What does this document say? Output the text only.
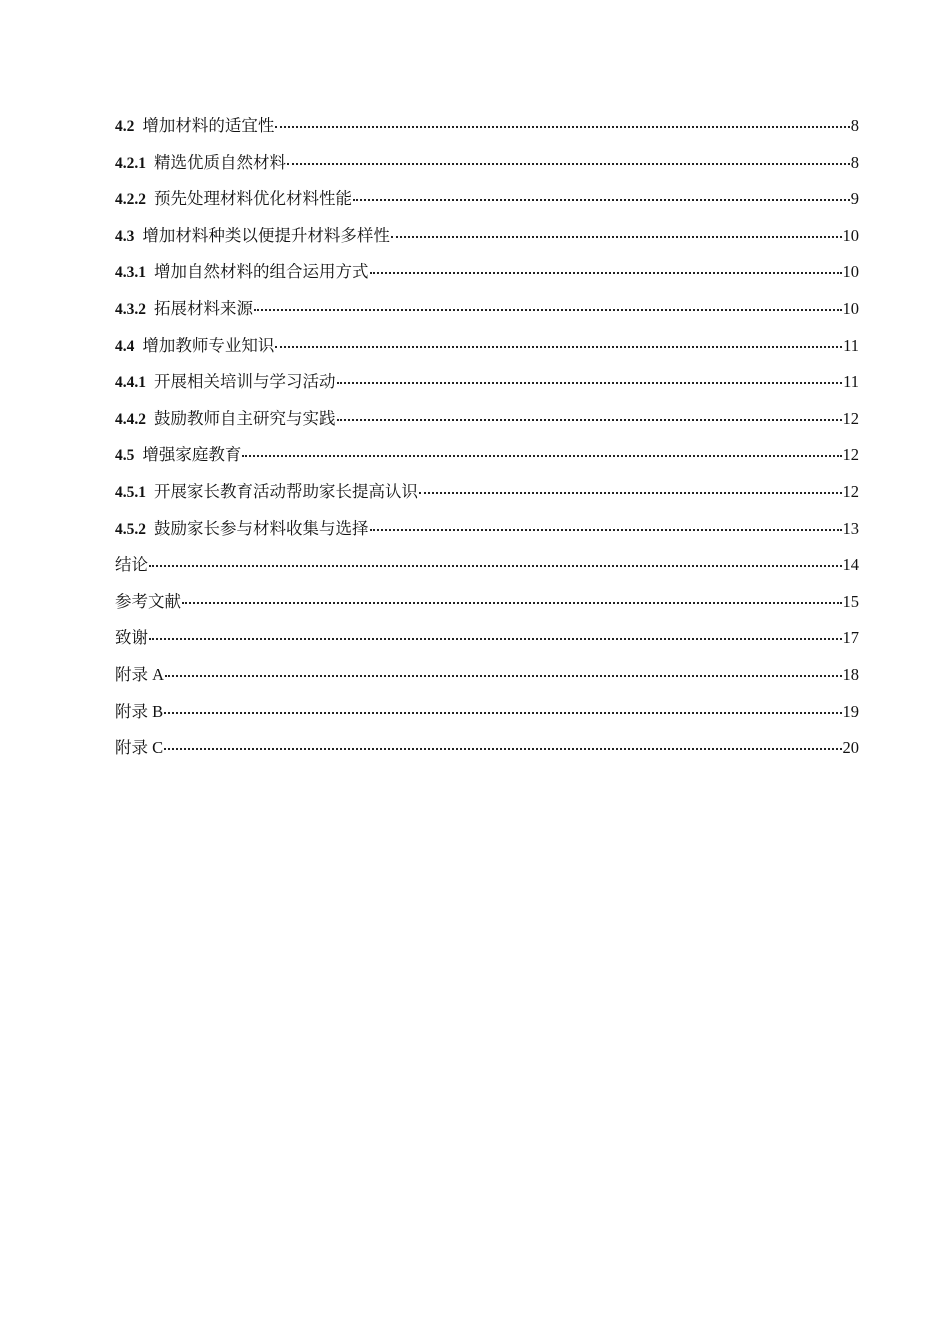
4.2 增加材料的适宜性	8
4.2.1 精选优质自然材料	8
4.2.2 预先处理材料优化材料性能	9
4.3 增加材料种类以便提升材料多样性	10
4.3.1 增加自然材料的组合运用方式	10
4.3.2 拓展材料来源	10
4.4 增加教师专业知识	11
4.4.1 开展相关培训与学习活动	11
4.4.2 鼓励教师自主研究与实践	12
4.5 增强家庭教育	12
4.5.1 开展家长教育活动帮助家长提高认识	12
4.5.2 鼓励家长参与材料收集与选择	13
结论	14
参考文献	15
致谢	17
附录 A	18
附录 B	19
附录 C	20
